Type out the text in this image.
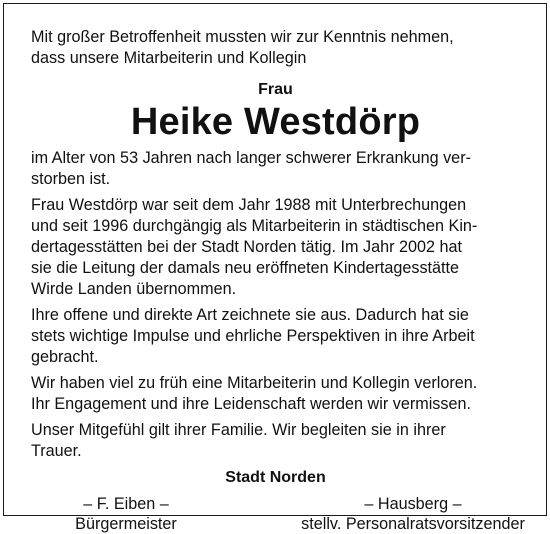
Mit großer Betroffenheit mussten wir zur Kenntnis nehmen,
dass unsere Mitarbeiterin und Kollegin
Frau
Heike Westdörp
im Alter von 53 Jahren nach langer schwerer Erkrankung ver-
storben ist.
Frau Westdörp war seit dem Jahr 1988 mit Unterbrechungen
und seit 1996 durchgängig als Mitarbeiterin in städtischen Kin-
dertagesstätten bei der Stadt Norden tätig. Im Jahr 2002 hat
sie die Leitung der damals neu eröffneten Kindertagesstätte
Wirde Landen übernommen.
Ihre offene und direkte Art zeichnete sie aus. Dadurch hat sie
stets wichtige Impulse und ehrliche Perspektiven in ihre Arbeit
gebracht.
Wir haben viel zu früh eine Mitarbeiterin und Kollegin verloren.
Ihr Engagement und ihre Leidenschaft werden wir vermissen.
Unser Mitgefühl gilt ihrer Familie. Wir begleiten sie in ihrer
Trauer.
Stadt Norden
– F. Eiben –
Bürgermeister
– Hausberg –
stellv. Personalratsvorsitzender
